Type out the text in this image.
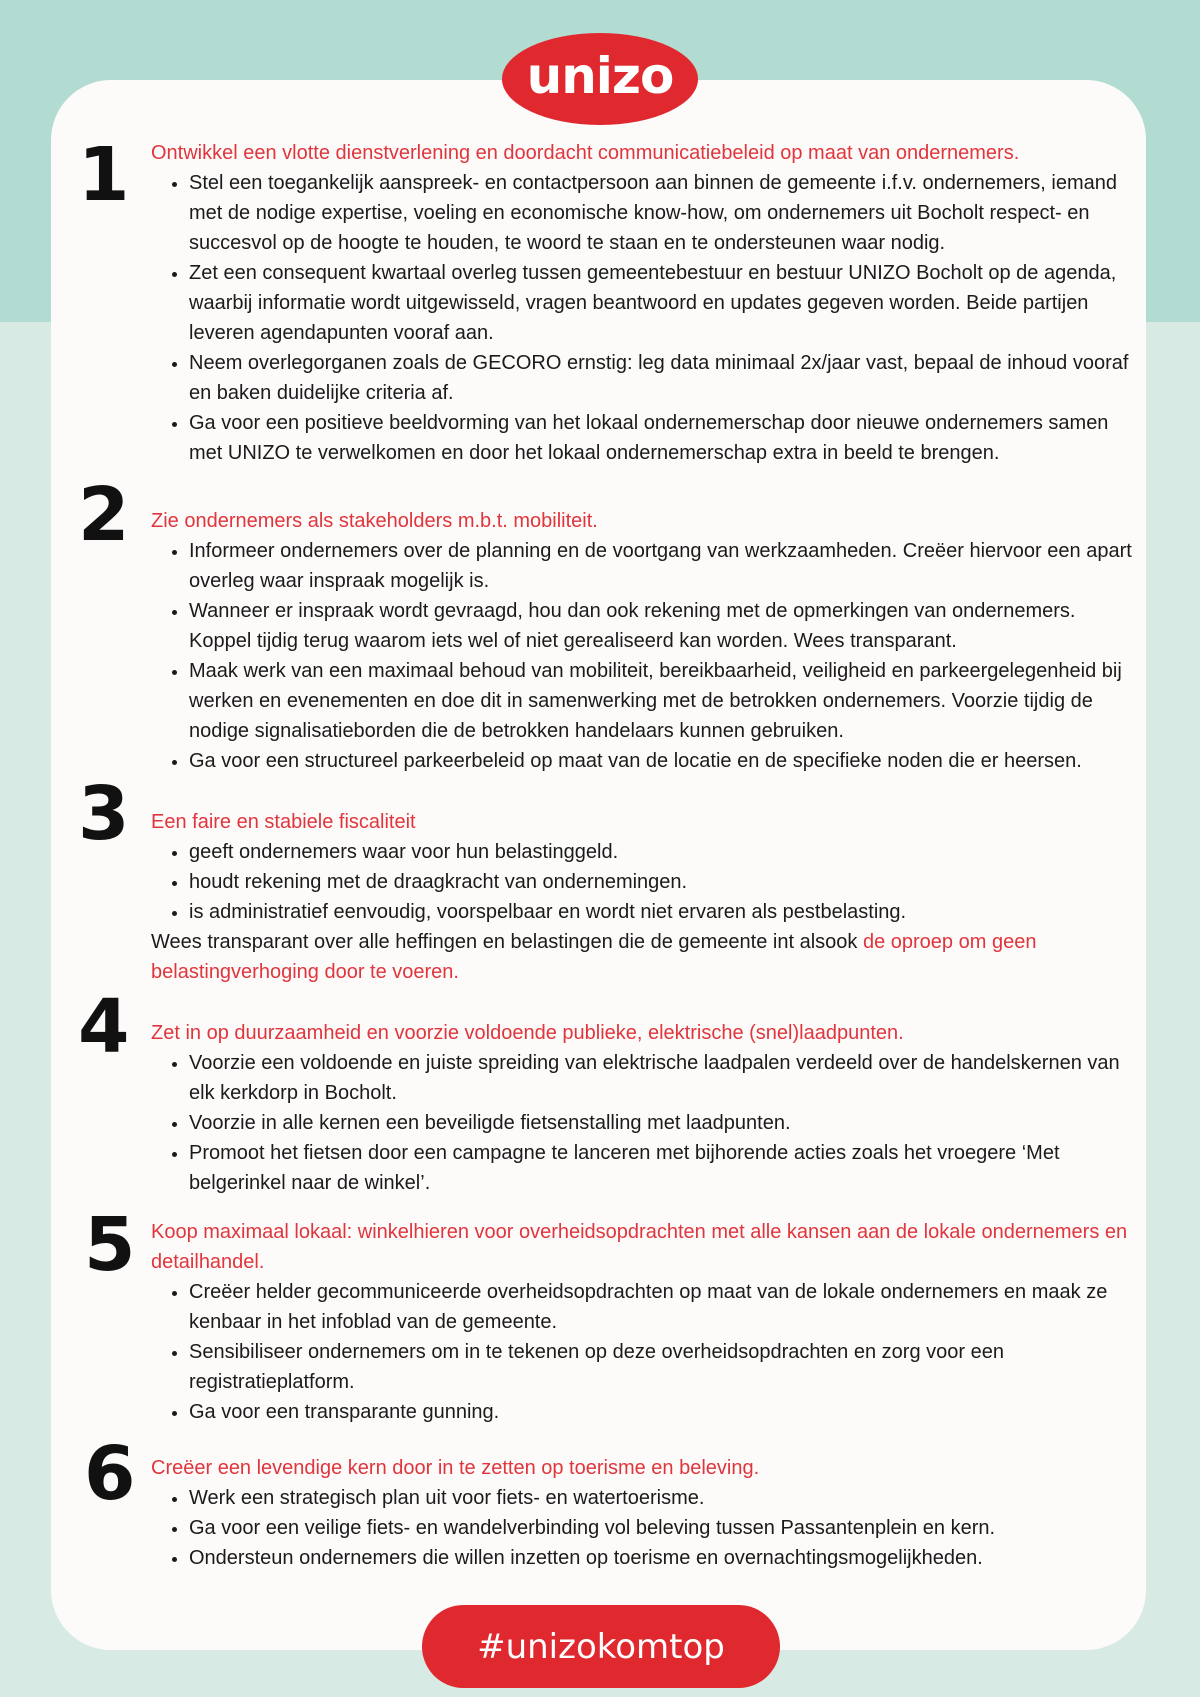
unizo
1	Ontwikkel een vlotte dienstverlening en doordacht communicatiebeleid op maat van ondernemers.

• Stel een toegankelijk aanspreek- en contactpersoon aan binnen de gemeente i.f.v. ondernemers, iemand met de nodige expertise, voeling en economische know-how, om ondernemers uit Bocholt respect- en succesvol op de hoogte te houden, te woord te staan en te ondersteunen waar nodig.
• Zet een consequent kwartaal overleg tussen gemeentebestuur en bestuur UNIZO Bocholt op de agenda, waarbij informatie wordt uitgewisseld, vragen beantwoord en updates gegeven worden. Beide partijen leveren agendapunten vooraf aan.
• Neem overlegorganen zoals de GECORO ernstig: leg data minimaal 2x/jaar vast, bepaal de inhoud vooraf en baken duidelijke criteria af.
• Ga voor een positieve beeldvorming van het lokaal ondernemerschap door nieuwe ondernemers samen met UNIZO te verwelkomen en door het lokaal ondernemerschap extra in beeld te brengen.
2	Zie ondernemers als stakeholders m.b.t. mobiliteit.

• Informeer ondernemers over de planning en de voortgang van werkzaamheden. Creëer hiervoor een apart overleg waar inspraak mogelijk is.
• Wanneer er inspraak wordt gevraagd, hou dan ook rekening met de opmerkingen van ondernemers. Koppel tijdig terug waarom iets wel of niet gerealiseerd kan worden. Wees transparant.
• Maak werk van een maximaal behoud van mobiliteit, bereikbaarheid, veiligheid en parkeergelegenheid bij werken en evenementen en doe dit in samenwerking met de betrokken ondernemers. Voorzie tijdig de nodige signalisatieborden die de betrokken handelaars kunnen gebruiken.
• Ga voor een structureel parkeerbeleid op maat van de locatie en de specifieke noden die er heersen.
3	Een faire en stabiele fiscaliteit

• geeft ondernemers waar voor hun belastinggeld.
• houdt rekening met de draagkracht van ondernemingen.
• is administratief eenvoudig, voorspelbaar en wordt niet ervaren als pestbelasting.

Wees transparant over alle heffingen en belastingen die de gemeente int alsook de oproep om geen belastingverhoging door te voeren.

4	Zet in op duurzaamheid en voorzie voldoende publieke, elektrische (snel)laadpunten.

• Voorzie een voldoende en juiste spreiding van elektrische laadpalen verdeeld over de handelskernen van elk kerkdorp in Bocholt.
• Voorzie in alle kernen een beveiligde fietsenstalling met laadpunten.
• Promoot het fietsen door een campagne te lanceren met bijhorende acties zoals het vroegere ‘Met belgerinkel naar de winkel’.
5 Koop maximaal lokaal: winkelhieren voor overheidsopdrachten met alle kansen aan de lokale ondernemers en detailhandel.

• Creëer helder gecommuniceerde overheidsopdrachten op maat van de lokale ondernemers en maak ze kenbaar in het infoblad van de gemeente.
• Sensibiliseer ondernemers om in te tekenen op deze overheidsopdrachten en zorg voor een registratieplatform.
• Ga voor een transparante gunning.
6 Creëer een levendige kern door in te zetten op toerisme en beleving.

• Werk een strategisch plan uit voor fiets- en watertoerisme.
• Ga voor een veilige fiets- en wandelverbinding vol beleving tussen Passantenplein en kern.
• Ondersteun ondernemers die willen inzetten op toerisme en overnachtingsmogelijkheden.
#unizokomtop
